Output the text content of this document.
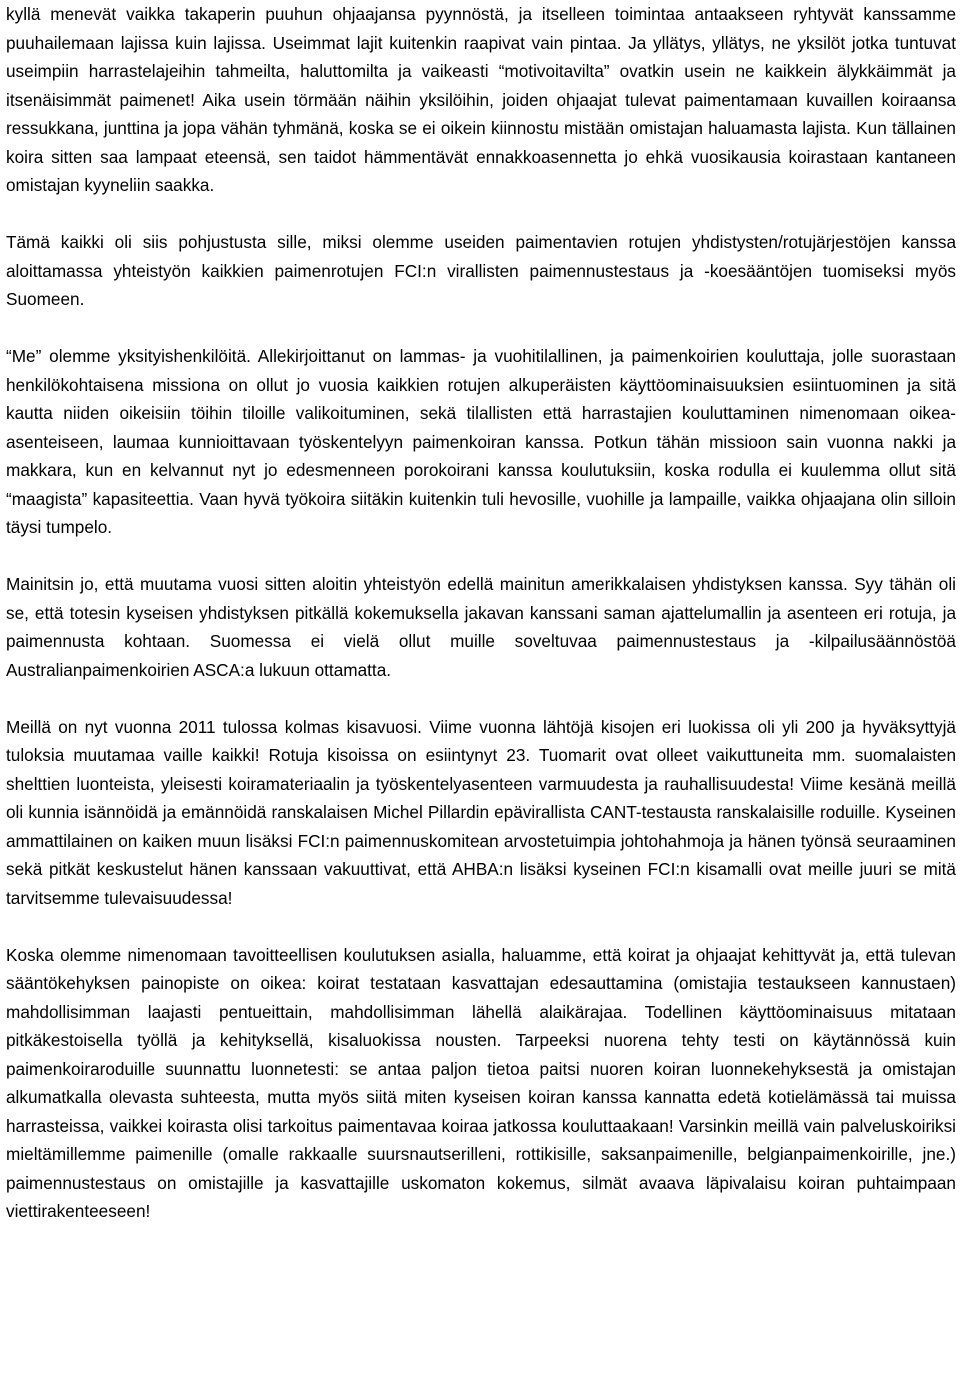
kyllä menevät vaikka takaperin puuhun ohjaajansa pyynnöstä, ja itselleen toimintaa antaakseen ryhtyvät kanssamme puuhailemaan lajissa kuin lajissa. Useimmat lajit kuitenkin raapivat vain pintaa. Ja yllätys, yllätys, ne yksilöt jotka tuntuvat useimpiin harrastelajeihin tahmeilta, haluttomilta ja vaikeasti “motivoitavilta” ovatkin usein ne kaikkein älykkäimmät ja itsenäisimmät paimenet! Aika usein törmään näihin yksilöihin, joiden ohjaajat tulevat paimentamaan kuvaillen koiraansa ressukkana, junttina ja jopa vähän tyhmänä, koska se ei oikein kiinnostu mistään omistajan haluamasta lajista. Kun tällainen koira sitten saa lampaat eteensä, sen taidot hämmentävät ennakkoasennetta jo ehkä vuosikausia koirastaan kantaneen omistajan kyyneliin saakka.

Tämä kaikki oli siis pohjustusta sille, miksi olemme useiden paimentavien rotujen yhdistysten/rotujärjestöjen kanssa aloittamassa yhteistyön kaikkien paimenrotujen FCI:n virallisten paimennustestaus ja -koesääntöjen tuomiseksi myös Suomeen.

“Me” olemme yksityishenkilöitä. Allekirjoittanut on lammas- ja vuohitilallinen, ja paimenkoirien kouluttaja, jolle suorastaan henkilökohtaisena missiona on ollut jo vuosia kaikkien rotujen alkuperäisten käyttöominaisuuksien esiintuominen ja sitä kautta niiden oikeisiin töihin tiloille valikoituminen, sekä tilallisten että harrastajien kouluttaminen nimenomaan oikea-asenteiseen, laumaa kunnioittavaan työskentelyyn paimenkoiran kanssa. Potkun tähän missioon sain vuonna nakki ja makkara, kun en kelvannut nyt jo edesmenneen porokoirani kanssa koulutuksiin, koska rodulla ei kuulemma ollut sitä “maagista” kapasiteettia. Vaan hyvä työkoira siitäkin kuitenkin tuli hevosille, vuohille ja lampaille, vaikka ohjaajana olin silloin täysi tumpelo.

Mainitsin jo, että muutama vuosi sitten aloitin yhteistyön edellä mainitun amerikkalaisen yhdistyksen kanssa. Syy tähän oli se, että totesin kyseisen yhdistyksen pitkällä kokemuksella jakavan kanssani saman ajattelumallin ja asenteen eri rotuja, ja paimennusta kohtaan. Suomessa ei vielä ollut muille soveltuvaa paimennustestaus ja -kilpailusäännöstöä Australianpaimenkoirien ASCA:a lukuun ottamatta.

Meillä on nyt vuonna 2011 tulossa kolmas kisavuosi. Viime vuonna lähtöjä kisojen eri luokissa oli yli 200 ja hyväksyttyjä tuloksia muutamaa vaille kaikki! Rotuja kisoissa on esiintynyt 23. Tuomarit ovat olleet vaikuttuneita mm. suomalaisten shelttien luonteista, yleisesti koiramateriaalin ja työskentelyasenteen varmuudesta ja rauhallisuudesta! Viime kesänä meillä oli kunnia isännöidä ja emännöidä ranskalaisen Michel Pillardin epävirallista CANT-testausta ranskalaisille roduille. Kyseinen ammattilainen on kaiken muun lisäksi FCI:n paimennuskomitean arvostetuimpia johtohahmoja ja hänen työnsä seuraaminen sekä pitkät keskustelut hänen kanssaan vakuuttivat, että AHBA:n lisäksi kyseinen FCI:n kisamalli ovat meille juuri se mitä tarvitsemme tulevaisuudessa!

Koska olemme nimenomaan tavoitteellisen koulutuksen asialla, haluamme, että koirat ja ohjaajat kehittyvät ja, että tulevan sääntökehyksen painopiste on oikea: koirat testataan kasvattajan edesauttamina (omistajia testaukseen kannustaen) mahdollisimman laajasti pentueittain, mahdollisimman lähellä alaikärajaa. Todellinen käyttöominaisuus mitataan pitkäkestoisella työllä ja kehityksellä, kisaluokissa nousten. Tarpeeksi nuorena tehty testi on käytännössä kuin paimenkoiraroduille suunnattu luonnetesti: se antaa paljon tietoa paitsi nuoren koiran luonnekehyksestä ja omistajan alkumatkalla olevasta suhteesta, mutta myös siitä miten kyseisen koiran kanssa kannatta edetä kotielämässä tai muissa harrasteissa, vaikkei koirasta olisi tarkoitus paimentavaa koiraa jatkossa kouluttaakaan! Varsinkin meillä vain palveluskoiriksi mieltämillemme paimenille (omalle rakkaalle suursnautserilleni, rottikisille, saksanpaimenille, belgianpaimenkoirille, jne.) paimennustestaus on omistajille ja kasvattajille uskomaton kokemus, silmät avaava läpivalaisu koiran puhtaimpaan viettirakenteeseen!
